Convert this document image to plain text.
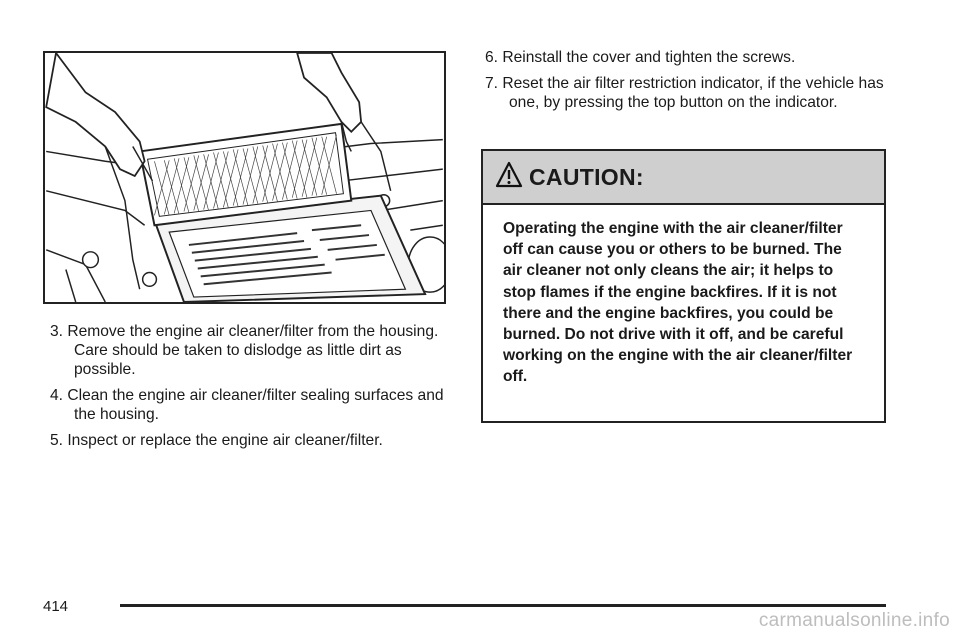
3. Remove the engine air cleaner/filter from the housing. Care should be taken to dislodge as little dirt as possible.
4. Clean the engine air cleaner/filter sealing surfaces and the housing.
5. Inspect or replace the engine air cleaner/filter.
6. Reinstall the cover and tighten the screws.
7. Reset the air filter restriction indicator, if the vehicle has one, by pressing the top button on the indicator.
CAUTION:
Operating the engine with the air cleaner/filter off can cause you or others to be burned. The air cleaner not only cleans the air; it helps to stop flames if the engine backfires. If it is not there and the engine backfires, you could be burned. Do not drive with it off, and be careful working on the engine with the air cleaner/filter off.
414
carmanualsonline.info
